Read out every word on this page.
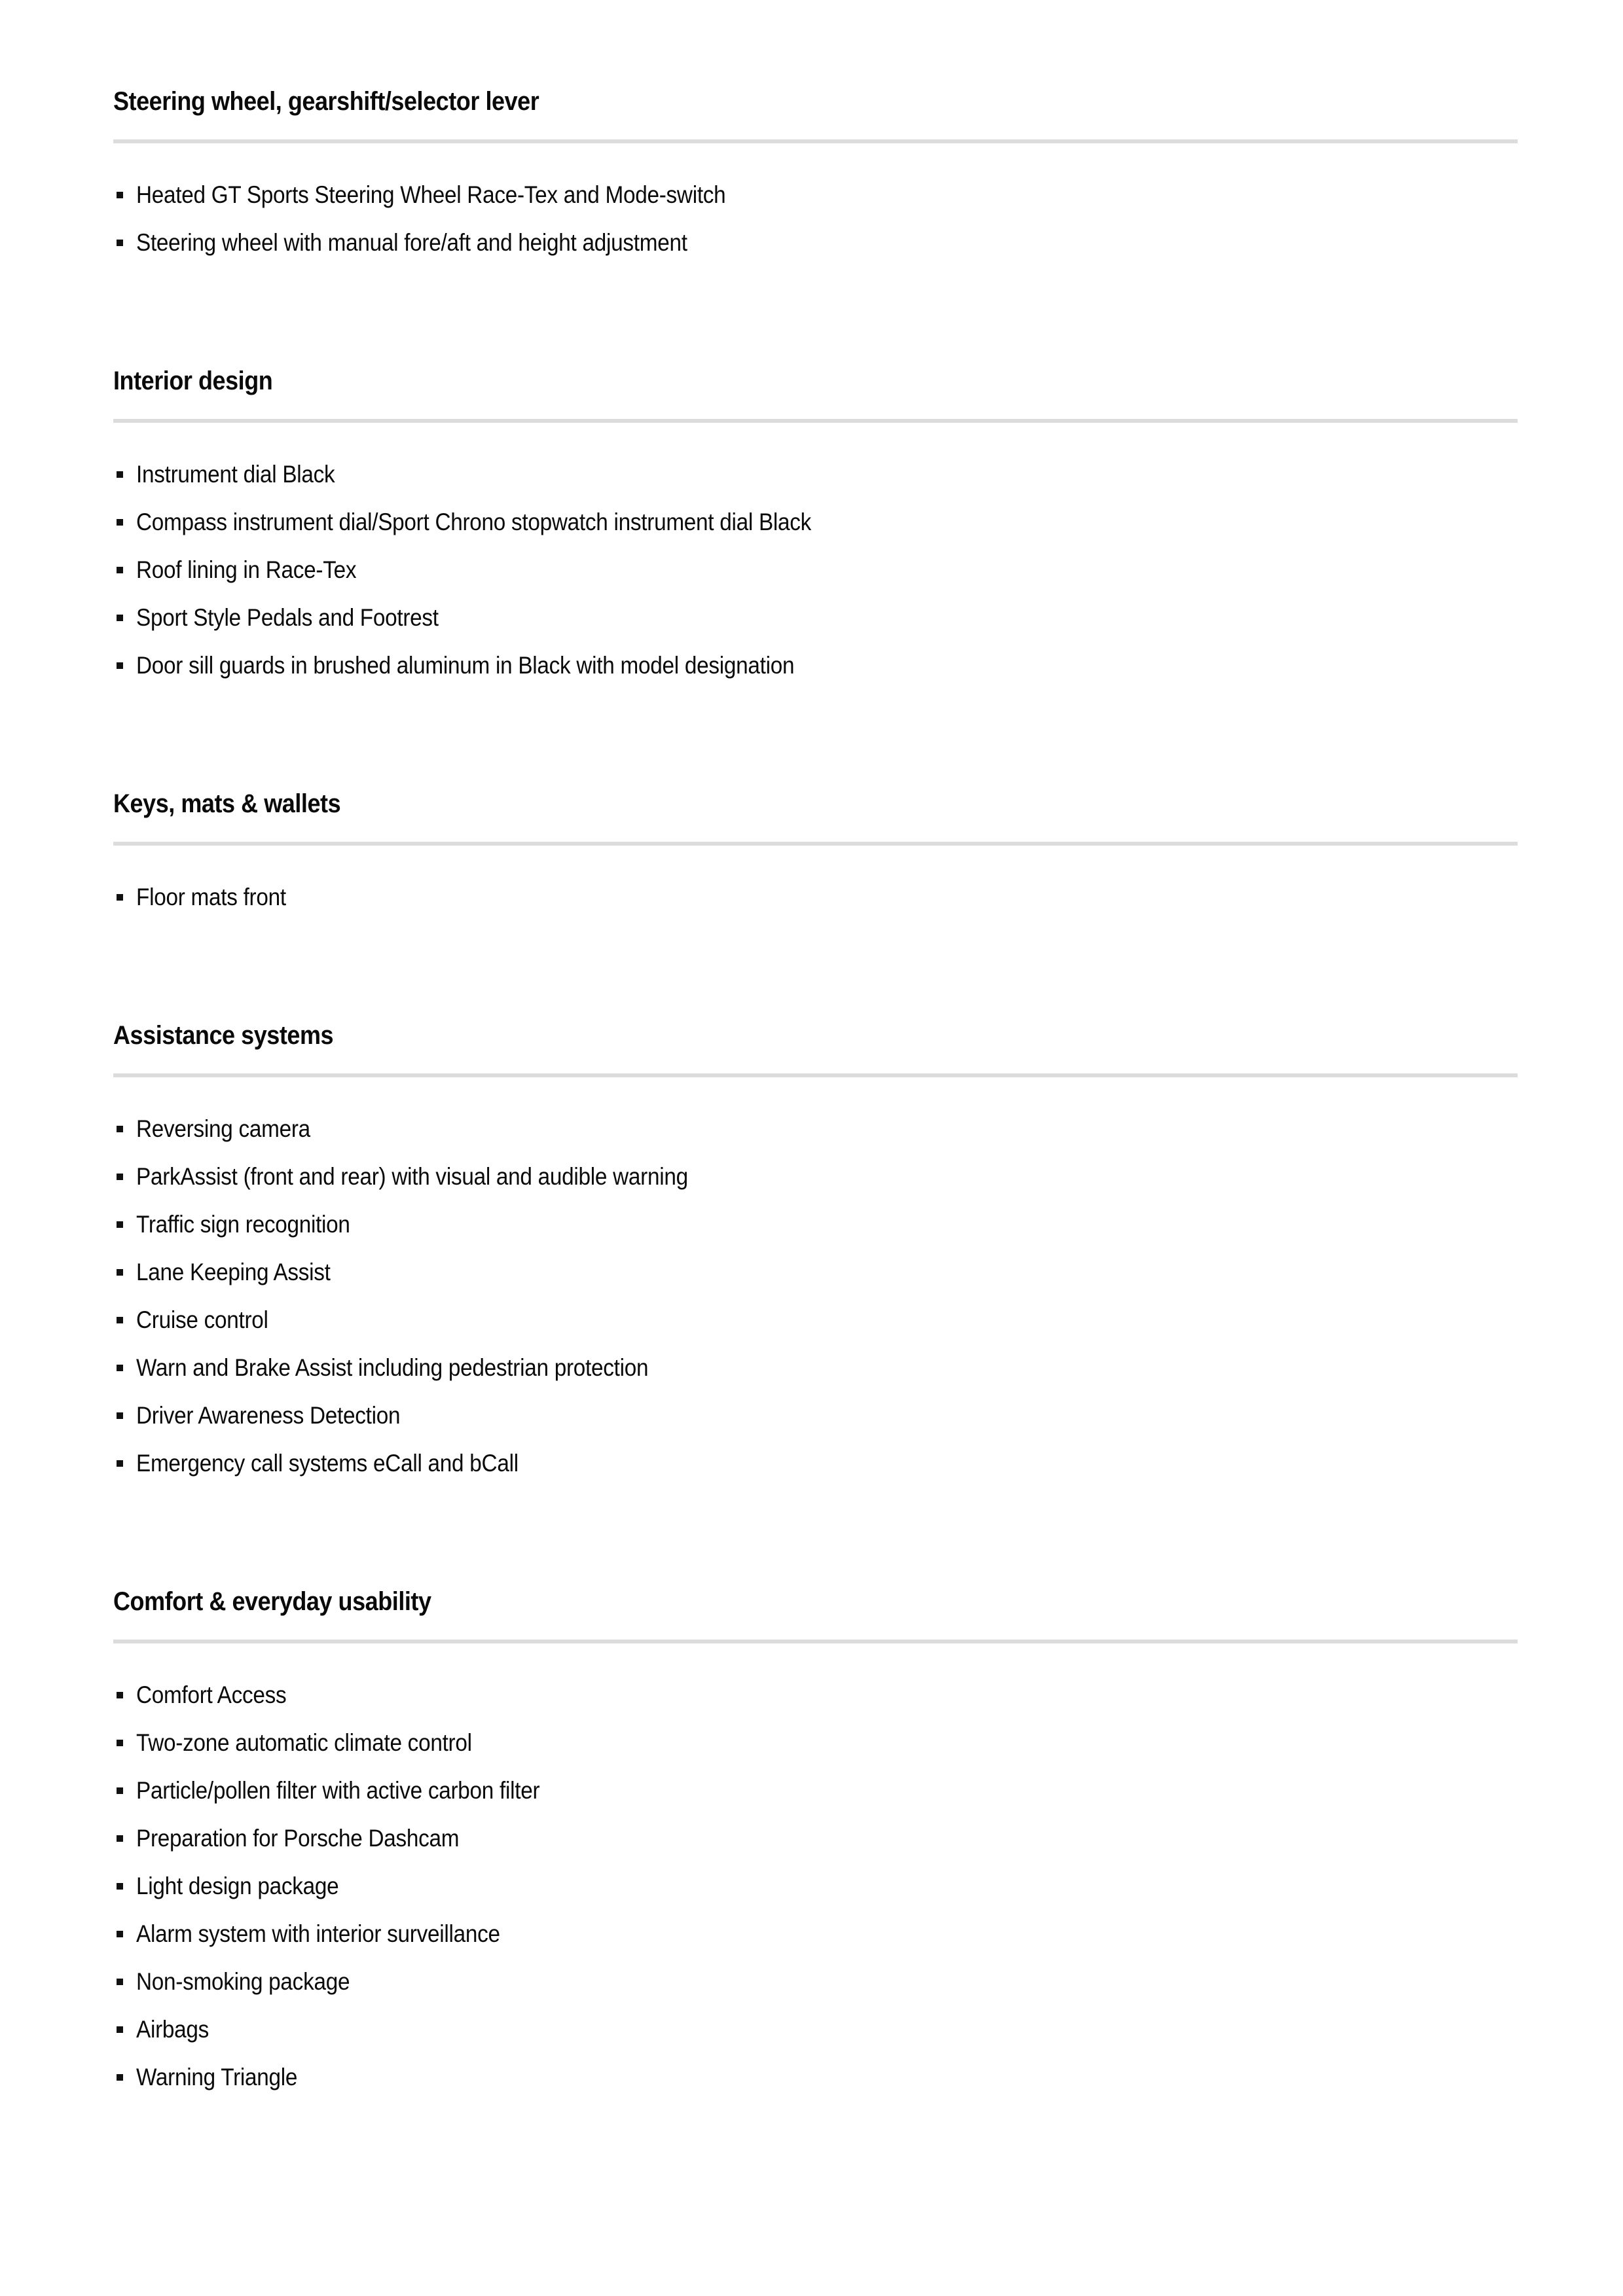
Steering wheel, gearshift/selector lever
Heated GT Sports Steering Wheel Race-Tex and Mode-switch
Steering wheel with manual fore/aft and height adjustment
Interior design
Instrument dial Black
Compass instrument dial/Sport Chrono stopwatch instrument dial Black
Roof lining in Race-Tex
Sport Style Pedals and Footrest
Door sill guards in brushed aluminum in Black with model designation
Keys, mats & wallets
Floor mats front
Assistance systems
Reversing camera
ParkAssist (front and rear) with visual and audible warning
Traffic sign recognition
Lane Keeping Assist
Cruise control
Warn and Brake Assist including pedestrian protection
Driver Awareness Detection
Emergency call systems eCall and bCall
Comfort & everyday usability
Comfort Access
Two-zone automatic climate control
Particle/pollen filter with active carbon filter
Preparation for Porsche Dashcam
Light design package
Alarm system with interior surveillance
Non-smoking package
Airbags
Warning Triangle
